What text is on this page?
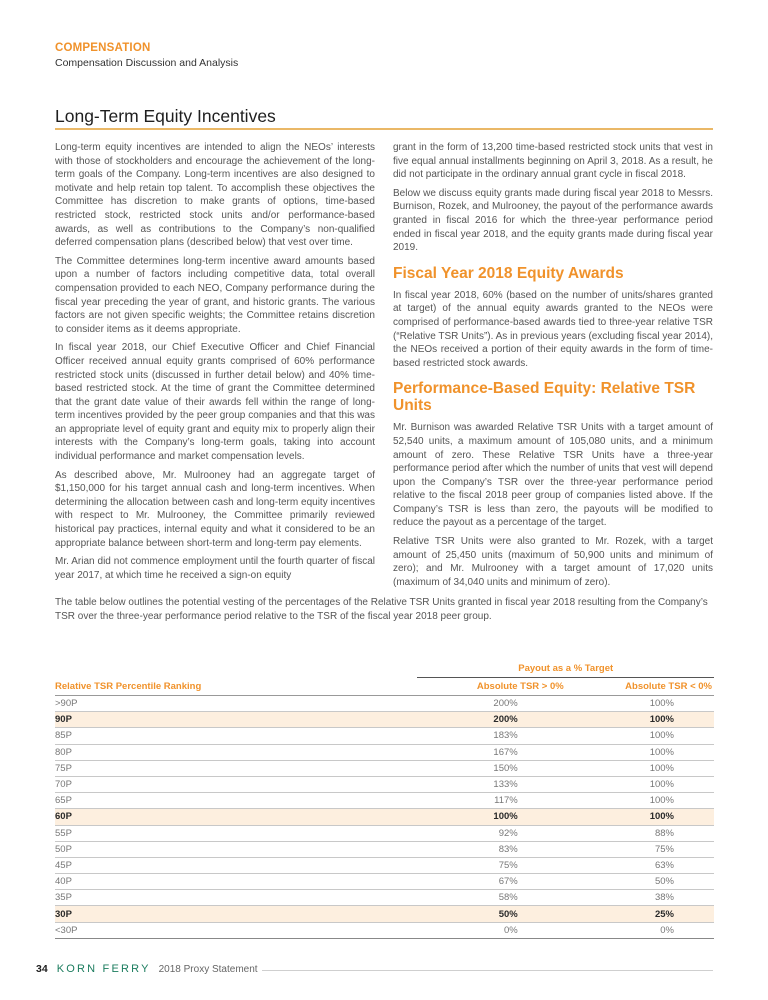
COMPENSATION
Compensation Discussion and Analysis
Long-Term Equity Incentives

Long-term equity incentives are intended to align the NEOs’ interests with those of stockholders and encourage the achievement of the long-term goals of the Company. Long-term incentives are also designed to motivate and help retain top talent. To accomplish these objectives the Committee has discretion to make grants of options, time-based restricted stock, restricted stock units and/or performance-based awards, as well as contributions to the Company’s non-qualified deferred compensation plans (described below) that vest over time.

The Committee determines long-term incentive award amounts based upon a number of factors including competitive data, total overall compensation provided to each NEO, Company performance during the fiscal year preceding the year of grant, and historic grants. The various factors are not given specific weights; the Committee retains discretion to consider items as it deems appropriate.

In fiscal year 2018, our Chief Executive Officer and Chief Financial Officer received annual equity grants comprised of 60% performance restricted stock units (discussed in further detail below) and 40% time-based restricted stock. At the time of grant the Committee determined that the grant date value of their awards fell within the range of long-term incentives provided by the peer group companies and that this was an appropriate level of equity grant and equity mix to properly align their interests with the Company’s long-term goals, taking into account individual performance and market compensation levels.

As described above, Mr. Mulrooney had an aggregate target of $1,150,000 for his target annual cash and long-term incentives. When determining the allocation between cash and long-term equity incentives with respect to Mr. Mulrooney, the Committee primarily reviewed historical pay practices, internal equity and what it considered to be an appropriate balance between short-term and long-term pay elements.

Mr. Arian did not commence employment until the fourth quarter of fiscal year 2017, at which time he received a sign-on equity

grant in the form of 13,200 time-based restricted stock units that vest in five equal annual installments beginning on April 3, 2018. As a result, he did not participate in the ordinary annual grant cycle in fiscal 2018.

Below we discuss equity grants made during fiscal year 2018 to Messrs. Burnison, Rozek, and Mulrooney, the payout of the performance awards granted in fiscal 2016 for which the three-year performance period ended in fiscal year 2018, and the equity grants made during fiscal year 2019.

Fiscal Year 2018 Equity Awards

In fiscal year 2018, 60% (based on the number of units/shares granted at target) of the annual equity awards granted to the NEOs were comprised of performance-based awards tied to three-year relative TSR (“Relative TSR Units”). As in previous years (excluding fiscal year 2014), the NEOs received a portion of their equity awards in the form of time-based restricted stock awards.

Performance-Based Equity: Relative TSR Units

Mr. Burnison was awarded Relative TSR Units with a target amount of 52,540 units, a maximum amount of 105,080 units, and a minimum amount of zero. These Relative TSR Units have a three-year performance period after which the number of units that vest will depend upon the Company’s TSR over the three-year performance period relative to the fiscal 2018 peer group of companies listed above. If the Company’s TSR is less than zero, the payouts will be modified to reduce the payout as a percentage of the target.

Relative TSR Units were also granted to Mr. Rozek, with a target amount of 25,450 units (maximum of 50,900 units and minimum of zero); and Mr. Mulrooney with a target amount of 17,020 units (maximum of 34,040 units and minimum of zero).

The table below outlines the potential vesting of the percentages of the Relative TSR Units granted in fiscal year 2018 resulting from the Company’s TSR over the three-year performance period relative to the TSR of the fiscal year 2018 peer group.

	Payout as a % Target	
Relative TSR Percentile Ranking	Absolute TSR > 0%	Absolute TSR < 0%
>90P	200%	100%
90P	200%	100%
85P	183%	100%
80P	167%	100%
75P	150%	100%
70P	133%	100%
65P	117%	100%
60P	100%	100%
55P	92%	88%
50P	83%	75%
45P	75%	63%
40P	67%	50%
35P	58%	38%
30P	50%	25%
<30P	0%	0%
34 KORN FERRY 2018 Proxy Statement
